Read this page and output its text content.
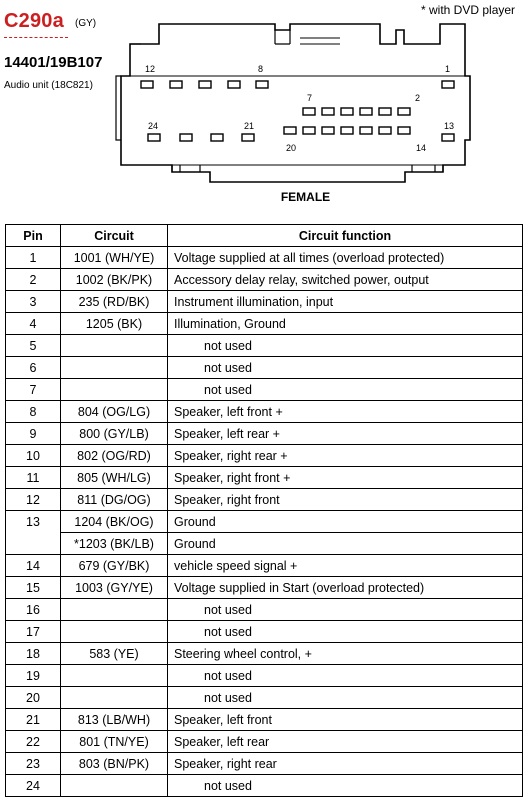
C290a (GY)
* with DVD player
14401/19B107
Audio unit (18C821)
12	8	1
7	2
24	21	13
20	14
FEMALE
Pin	Circuit	Circuit function
1	1001 (WH/YE)	Voltage supplied at all times (overload protected)
2	1002 (BK/PK)	Accessory delay relay, switched power, output
3	235 (RD/BK)	Instrument illumination, input
4	1205 (BK)	Illumination, Ground
5		not used
6		not used
7		not used
8	804 (OG/LG)	Speaker, left front +
9	800 (GY/LB)	Speaker, left rear +
10	802 (OG/RD)	Speaker, right rear +
11	805 (WH/LG)	Speaker, right front +
12	811 (DG/OG)	Speaker, right front
13	1204 (BK/OG)	Ground
	*1203 (BK/LB)	Ground
14	679 (GY/BK)	vehicle speed signal +
15	1003 (GY/YE)	Voltage supplied in Start (overload protected)
16		not used
17		not used
18	583 (YE)	Steering wheel control, +
19		not used
20		not used
21	813 (LB/WH)	Speaker, left front
22	801 (TN/YE)	Speaker, left rear
23	803 (BN/PK)	Speaker, right rear
24		not used
